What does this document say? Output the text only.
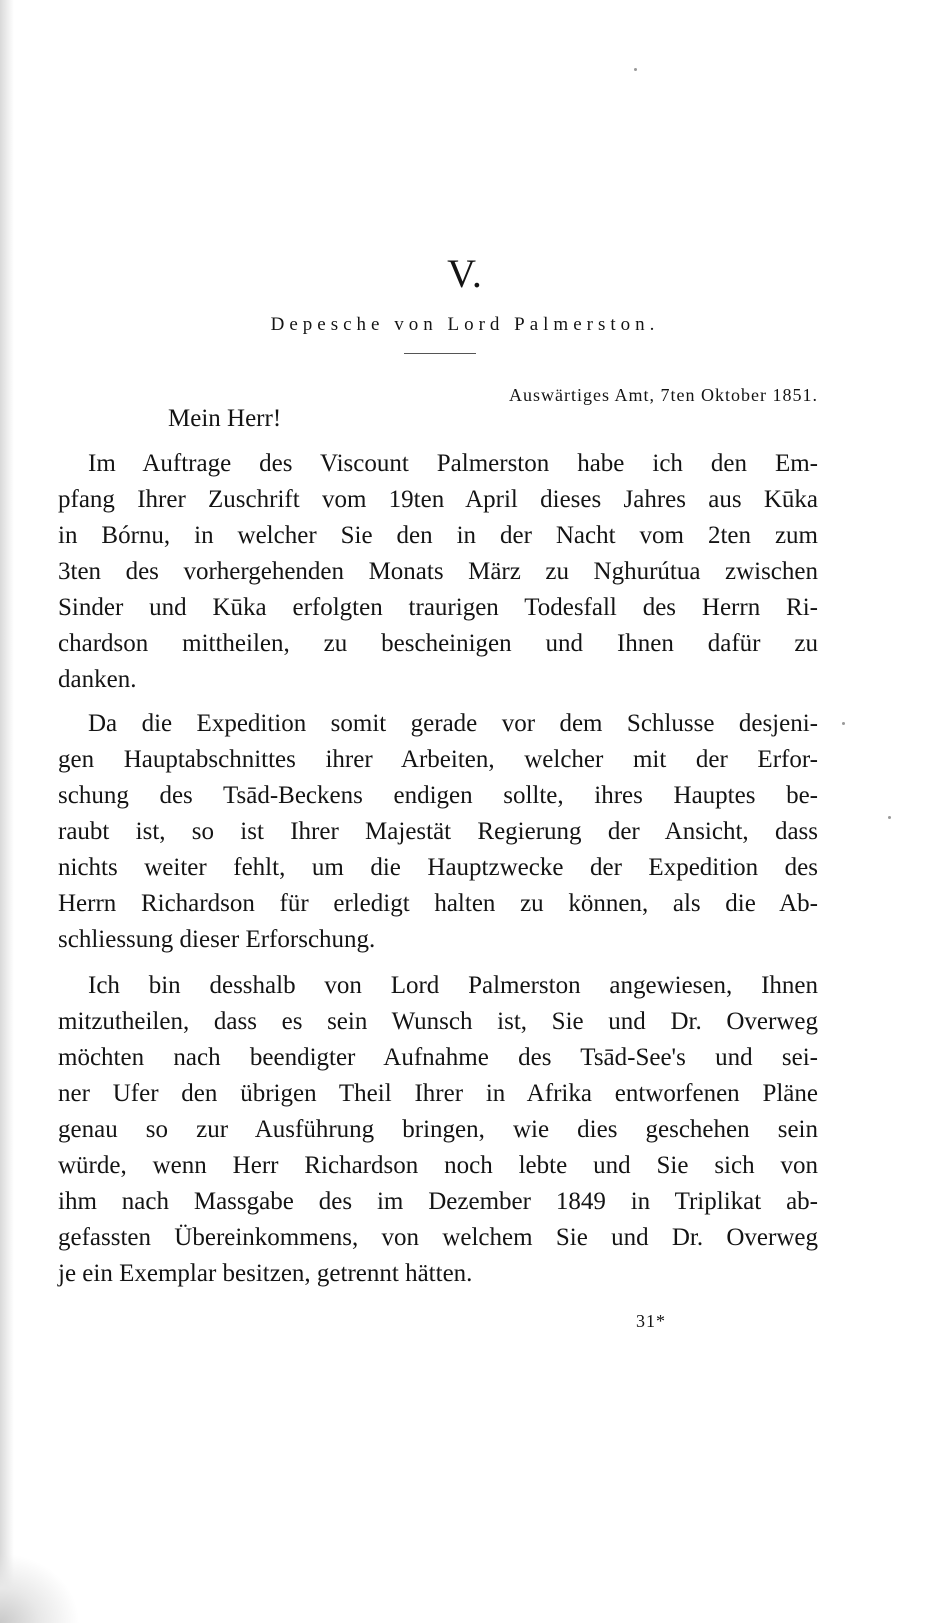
V.
Depesche von Lord Palmerston.
Auswärtiges Amt, 7ten Oktober 1851.
Mein Herr!
Im Auftrage des Viscount Palmerston habe ich den Em-
pfang Ihrer Zuschrift vom 19ten April dieses Jahres aus Kūka
in Bórnu, in welcher Sie den in der Nacht vom 2ten zum
3ten des vorhergehenden Monats März zu Nghurútua zwischen
Sinder und Kūka erfolgten traurigen Todesfall des Herrn Ri-
chardson mittheilen, zu bescheinigen und Ihnen dafür zu
danken.
Da die Expedition somit gerade vor dem Schlusse desjeni-
gen Hauptabschnittes ihrer Arbeiten, welcher mit der Erfor-
schung des Tsād-Beckens endigen sollte, ihres Hauptes be-
raubt ist, so ist Ihrer Majestät Regierung der Ansicht, dass
nichts weiter fehlt, um die Hauptzwecke der Expedition des
Herrn Richardson für erledigt halten zu können, als die Ab-
schliessung dieser Erforschung.
Ich bin desshalb von Lord Palmerston angewiesen, Ihnen
mitzutheilen, dass es sein Wunsch ist, Sie und Dr. Overweg
möchten nach beendigter Aufnahme des Tsād-See's und sei-
ner Ufer den übrigen Theil Ihrer in Afrika entworfenen Pläne
genau so zur Ausführung bringen, wie dies geschehen sein
würde, wenn Herr Richardson noch lebte und Sie sich von
ihm nach Massgabe des im Dezember 1849 in Triplikat ab-
gefassten Übereinkommens, von welchem Sie und Dr. Overweg
je ein Exemplar besitzen, getrennt hätten.
31*
